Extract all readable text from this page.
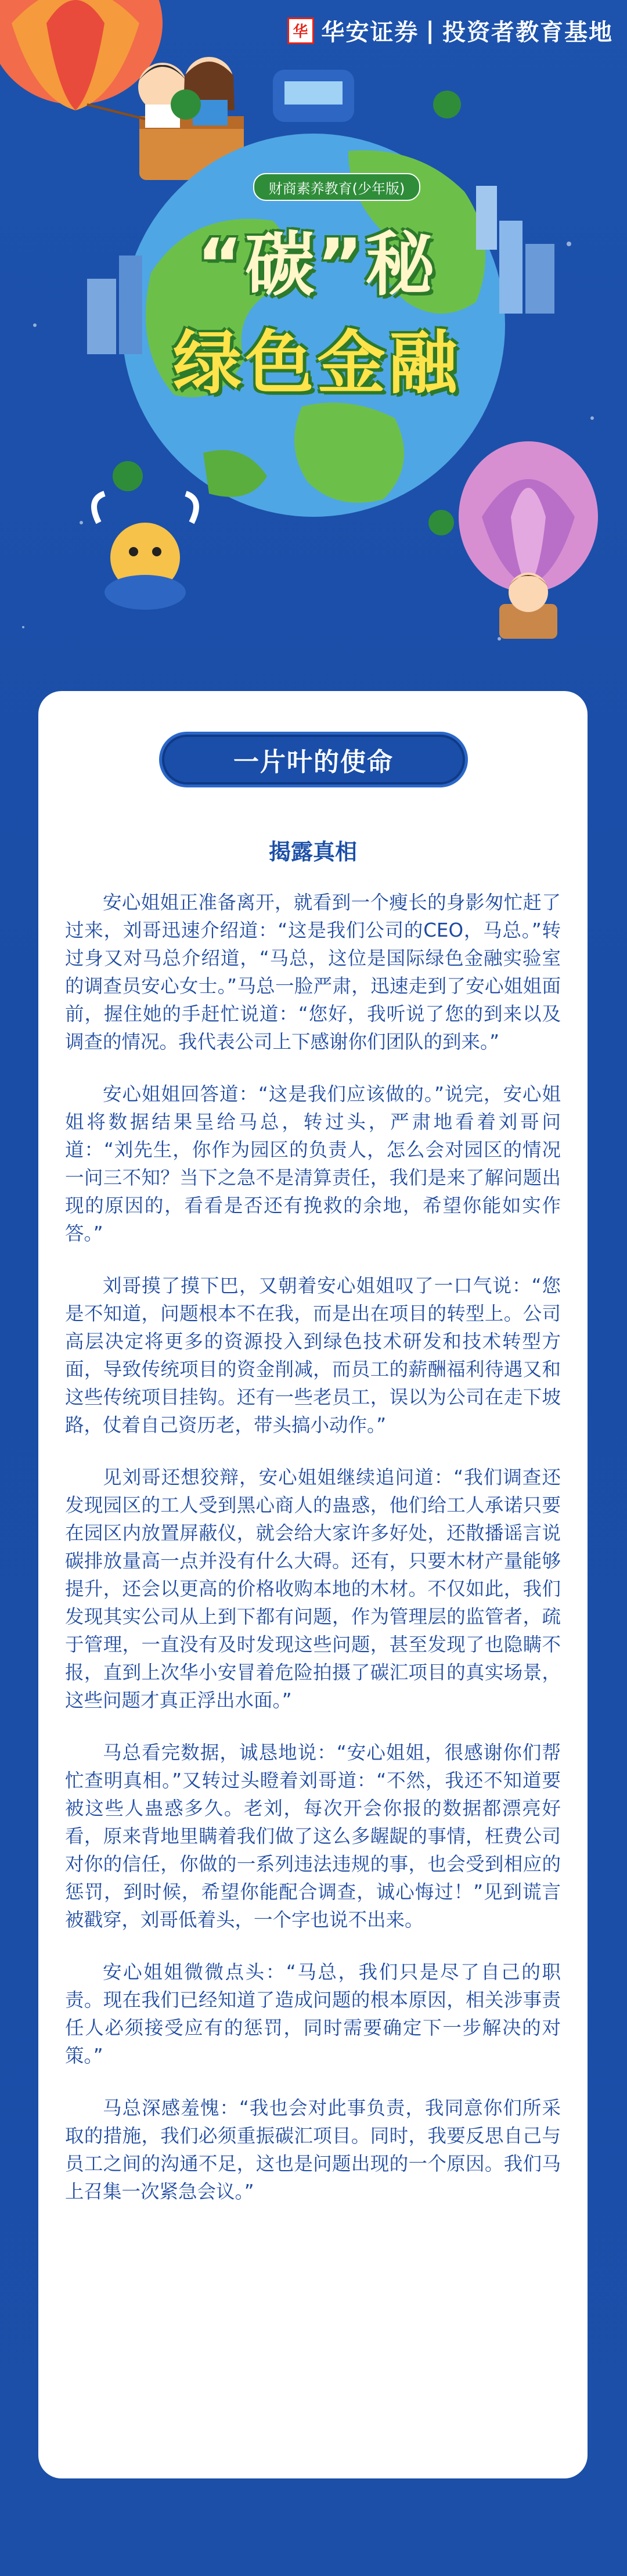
华 华安证券 | 投资者教育基地
财商素养教育(少年版)
“碳”秘
绿色金融
一片叶的使命
揭露真相

安心姐姐正准备离开，就看到一个瘦长的身影匆忙赶了过来，刘哥迅速介绍道：“这是我们公司的CEO，马总。”转过身又对马总介绍道，“马总，这位是国际绿色金融实验室的调查员安心女士。”马总一脸严肃，迅速走到了安心姐姐面前，握住她的手赶忙说道：“您好，我听说了您的到来以及调查的情况。我代表公司上下感谢你们团队的到来。”

安心姐姐回答道：“这是我们应该做的。”说完，安心姐姐将数据结果呈给马总，转过头，严肃地看着刘哥问道：“刘先生，你作为园区的负责人，怎么会对园区的情况一问三不知？当下之急不是清算责任，我们是来了解问题出现的原因的，看看是否还有挽救的余地，希望你能如实作答。”

刘哥摸了摸下巴，又朝着安心姐姐叹了一口气说：“您是不知道，问题根本不在我，而是出在项目的转型上。公司高层决定将更多的资源投入到绿色技术研发和技术转型方面，导致传统项目的资金削减，而员工的薪酬福利待遇又和这些传统项目挂钩。还有一些老员工，误以为公司在走下坡路，仗着自己资历老，带头搞小动作。”

见刘哥还想狡辩，安心姐姐继续追问道：“我们调查还发现园区的工人受到黑心商人的蛊惑，他们给工人承诺只要在园区内放置屏蔽仪，就会给大家许多好处，还散播谣言说碳排放量高一点并没有什么大碍。还有，只要木材产量能够提升，还会以更高的价格收购本地的木材。不仅如此，我们发现其实公司从上到下都有问题，作为管理层的监管者，疏于管理，一直没有及时发现这些问题，甚至发现了也隐瞒不报，直到上次华小安冒着危险拍摄了碳汇项目的真实场景，这些问题才真正浮出水面。”

马总看完数据，诚恳地说：“安心姐姐，很感谢你们帮忙查明真相。”又转过头瞪着刘哥道：“不然，我还不知道要被这些人蛊惑多久。老刘，每次开会你报的数据都漂亮好看，原来背地里瞒着我们做了这么多龌龊的事情，枉费公司对你的信任，你做的一系列违法违规的事，也会受到相应的惩罚，到时候，希望你能配合调查，诚心悔过！”见到谎言被戳穿，刘哥低着头，一个字也说不出来。

安心姐姐微微点头：“马总，我们只是尽了自己的职责。现在我们已经知道了造成问题的根本原因，相关涉事责任人必须接受应有的惩罚，同时需要确定下一步解决的对策。”

马总深感羞愧：“我也会对此事负责，我同意你们所采取的措施，我们必须重振碳汇项目。同时，我要反思自己与员工之间的沟通不足，这也是问题出现的一个原因。我们马上召集一次紧急会议。”
